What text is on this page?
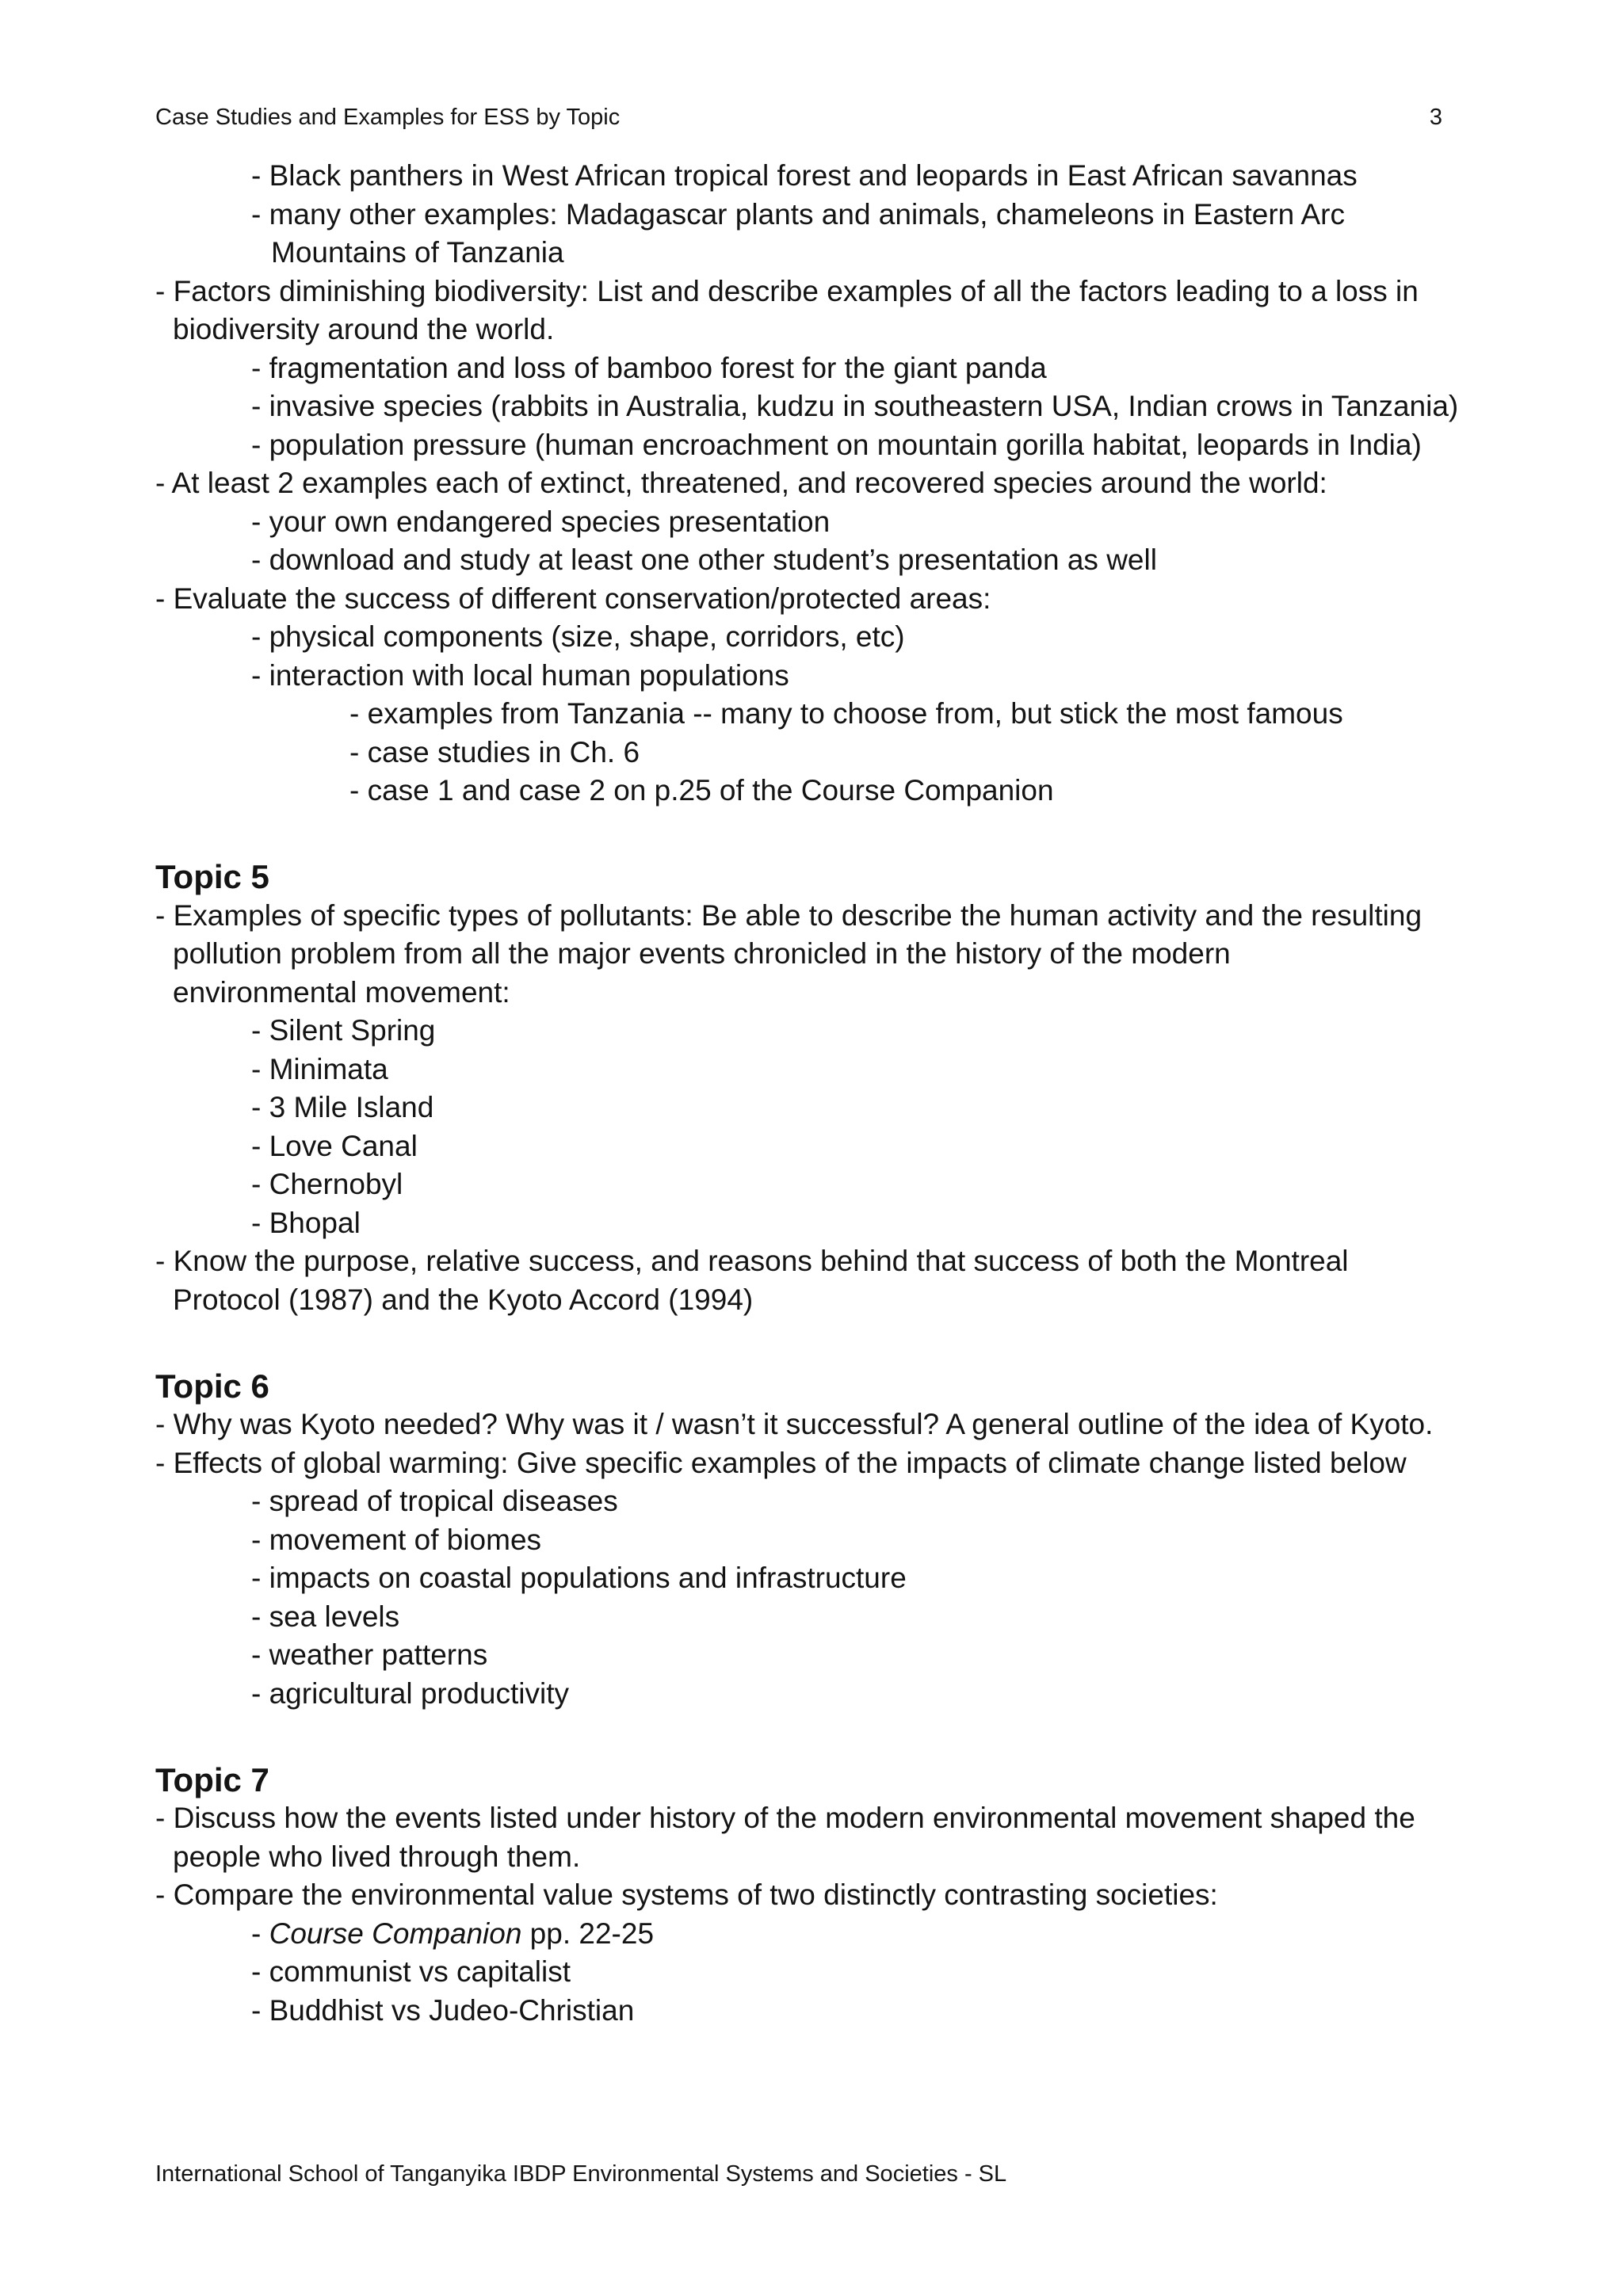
Case Studies and Examples for ESS by Topic	3
- Black panthers in West African tropical forest and leopards in East African savannas
- many other examples: Madagascar plants and animals, chameleons in Eastern Arc
Mountains of Tanzania
- Factors diminishing biodiversity: List and describe examples of all the factors leading to a loss in
biodiversity around the world.
- fragmentation and loss of bamboo forest for the giant panda
- invasive species (rabbits in Australia, kudzu in southeastern USA, Indian crows in Tanzania)
- population pressure (human encroachment on mountain gorilla habitat, leopards in India)
- At least 2 examples each of extinct, threatened, and recovered species around the world:
- your own endangered species presentation
- download and study at least one other student’s presentation as well
- Evaluate the success of different conservation/protected areas:
- physical components (size, shape, corridors, etc)
- interaction with local human populations
- examples from Tanzania -- many to choose from, but stick the most famous
- case studies in Ch. 6
- case 1 and case 2 on p.25 of the Course Companion
Topic 5
- Examples of specific types of pollutants: Be able to describe the human activity and the resulting
pollution problem from all the major events chronicled in the history of the modern
environmental movement:
- Silent Spring
- Minimata
- 3 Mile Island
- Love Canal
- Chernobyl
- Bhopal
- Know the purpose, relative success, and reasons behind that success of both the Montreal
Protocol (1987) and the Kyoto Accord (1994)
Topic 6
- Why was Kyoto needed? Why was it / wasn’t it successful? A general outline of the idea of Kyoto.
- Effects of global warming: Give specific examples of the impacts of climate change listed below
- spread of tropical diseases
- movement of biomes
- impacts on coastal populations and infrastructure
- sea levels
- weather patterns
- agricultural productivity
Topic 7
- Discuss how the events listed under history of the modern environmental movement shaped the
people who lived through them.
- Compare the environmental value systems of two distinctly contrasting societies:
- Course Companion pp. 22-25
- communist vs capitalist
- Buddhist vs Judeo-Christian
International School of Tanganyika IBDP Environmental Systems and Societies - SL
